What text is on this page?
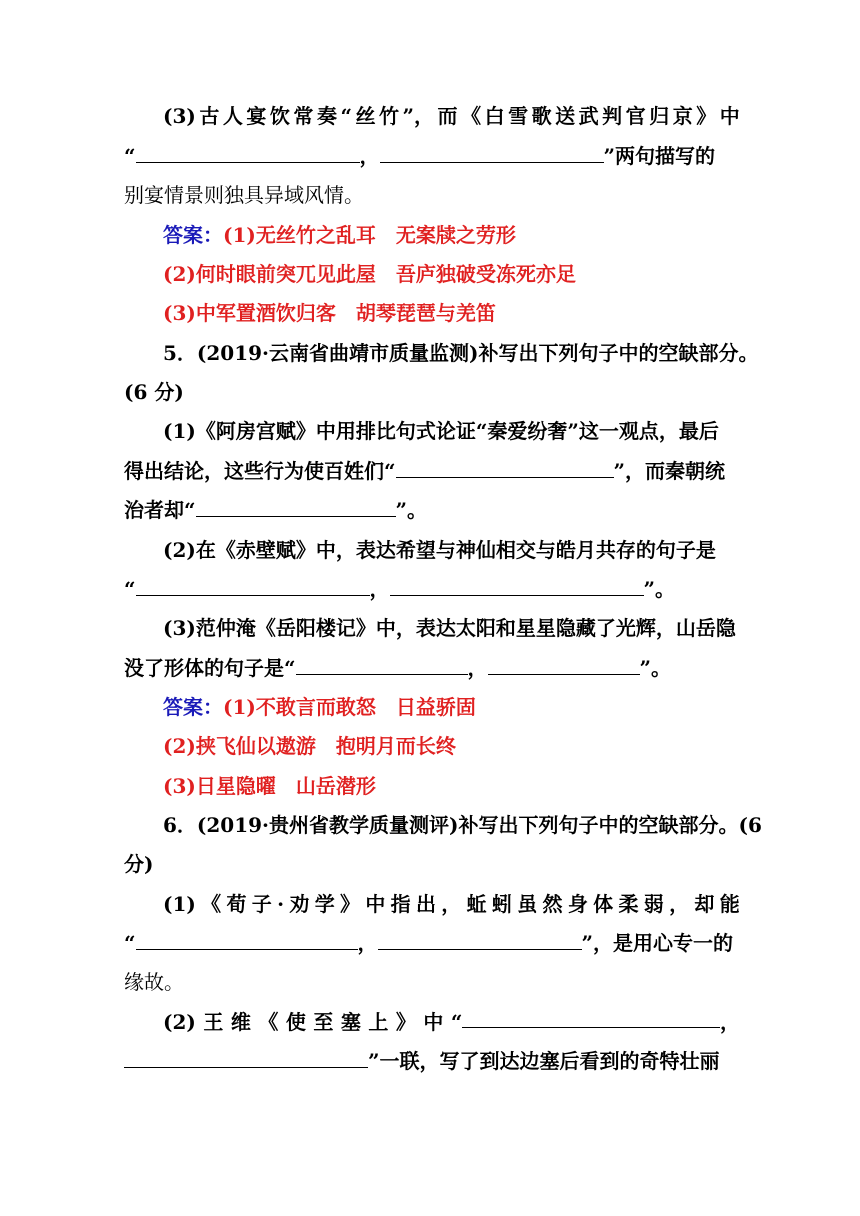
(3) 古 人 宴 饮 常 奏 “ 丝 竹 ”， 而 《 白 雪 歌 送 武 判 官 归 京 》 中
“	，	”两句描写的
别宴情景则独具异域风情。
答案：(1)无丝竹之乱耳　无案牍之劳形
(2)何时眼前突兀见此屋　吾庐独破受冻死亦足
(3)中军置酒饮归客　胡琴琵琶与羌笛
5．(2019·云南省曲靖市质量监测)补写出下列句子中的空缺部分。
(6 分)
(1)《阿房宫赋》中用排比句式论证“秦爱纷奢”这一观点，最后
得出结论，这些行为使百姓们“	”，而秦朝统
治者却“	”。
(2)在《赤壁赋》中，表达希望与神仙相交与皓月共存的句子是
“	，	”。
(3)范仲淹《岳阳楼记》中，表达太阳和星星隐藏了光辉，山岳隐
没了形体的句子是“	，	”。
答案：(1)不敢言而敢怒　日益骄固
(2)挟飞仙以遨游　抱明月而长终
(3)日星隐曜　山岳潜形
6．(2019·贵州省教学质量测评)补写出下列句子中的空缺部分。(6
分)
(1) 《 荀 子 · 劝 学 》 中 指 出 ， 蚯 蚓 虽 然 身 体 柔 弱 ， 却 能
“	，	”，是用心专一的
缘故。
(2) 王 维 《 使 至 塞 上 》 中 “	，
”一联，写了到达边塞后看到的奇特壮丽
